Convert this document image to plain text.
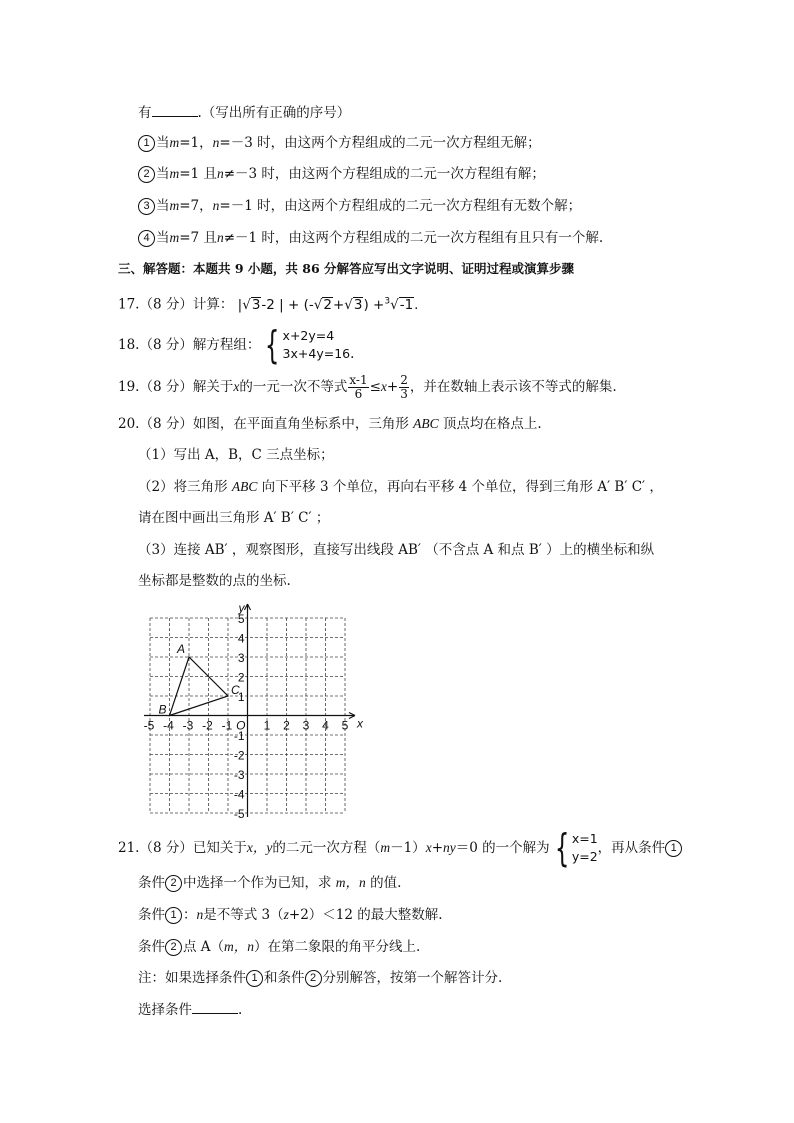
有	.（写出所有正确的序号）
1 当m=1，n=－3 时，由这两个方程组成的二元一次方程组无解；
2 当m=1 且n≠－3 时，由这两个方程组成的二元一次方程组有解；
3 当m=7，n=－1 时，由这两个方程组成的二元一次方程组有无数个解；
4 当m=7 且n≠－1 时，由这两个方程组成的二元一次方程组有且只有一个解.
三、解答题：本题共 9 小题，共 86 分解答应写出文字说明、证明过程或演算步骤
17.（8 分）计算： |√3-2 | + (-√2+√3) +$^3$√-1.
18.（8 分）解方程组： { x+2y=4
3x+4y=16 .
19.（8 分）解关于 x 的一元一次不等式 $\frac{x-1}{6} \le x + \frac{2}{3}$ ，并在数轴上表示该不等式的解集.
20.（8 分）如图，在平面直角坐标系中，三角形 ABC 顶点均在格点上.
（1）写出 A，B，C 三点坐标；
（2）将三角形 ABC 向下平移 3 个单位，再向右平移 4 个单位，得到三角形 A′ B′ C′ ，
请在图中画出三角形 A′ B′ C′ ；
（3）连接 AB′ ，观察图形，直接写出线段 AB′ （不含点 A 和点 B′ ）上的横坐标和纵
坐标都是整数的点的坐标.
-5 -4 -3 -2 -1	1 2 3 4 5
5
4
3
2
1
-1
-2
-3
-4
-5
O	x
y
A
B
C
21.（8 分）已知关于 x，y 的二元一次方程（ m －1） x + ny ＝0 的一个解为 { x=1
y=2
，再从条件 1
条件 2 中选择一个作为已知，求 m，n 的值.
条件 1 ：n是不等式 3（z+2）＜12 的最大整数解.
条件 2 点 A（m，n）在第二象限的角平分线上.
注：如果选择条件 1 和条件 2 分别解答，按第一个解答计分.
选择条件	.
